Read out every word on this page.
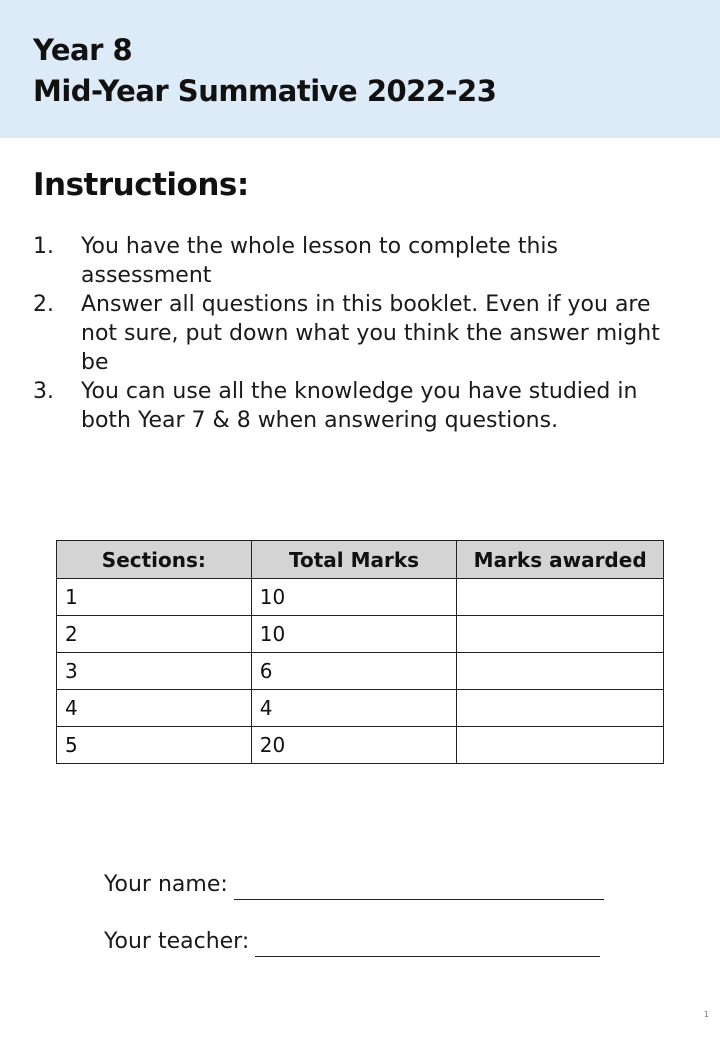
Year 8
Mid-Year Summative 2022-23
Instructions:
1. You have the whole lesson to complete this assessment
2. Answer all questions in this booklet. Even if you are not sure, put down what you think the answer might be
3. You can use all the knowledge you have studied in both Year 7 & 8 when answering questions.
Sections:	Total Marks	Marks awarded
1	10	
2	10	
3	6	
4	4	
5	20	
Your name:
Your teacher:
1
